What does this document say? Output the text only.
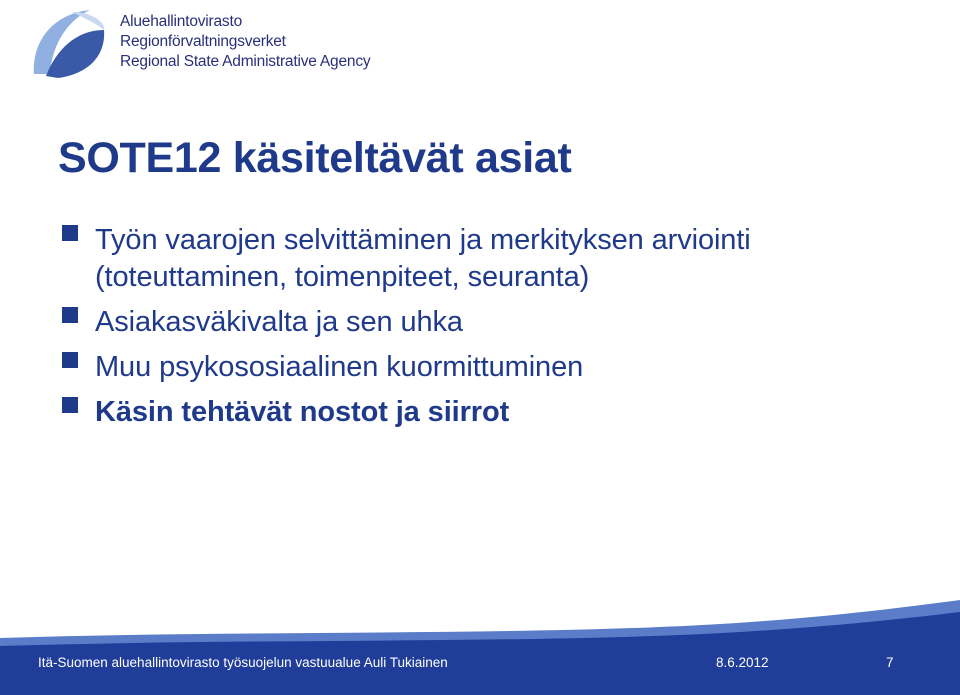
Aluehallintovirasto
Regionförvaltningsverket
Regional State Administrative Agency
SOTE12 käsiteltävät asiat
Työn vaarojen selvittäminen ja merkityksen arviointi (toteuttaminen, toimenpiteet, seuranta)
Asiakasväkivalta ja sen uhka
Muu psykososiaalinen kuormittuminen
Käsin tehtävät nostot ja siirrot
Itä-Suomen aluehallintovirasto työsuojelun vastuualue Auli Tukiainen	8.6.2012	7
